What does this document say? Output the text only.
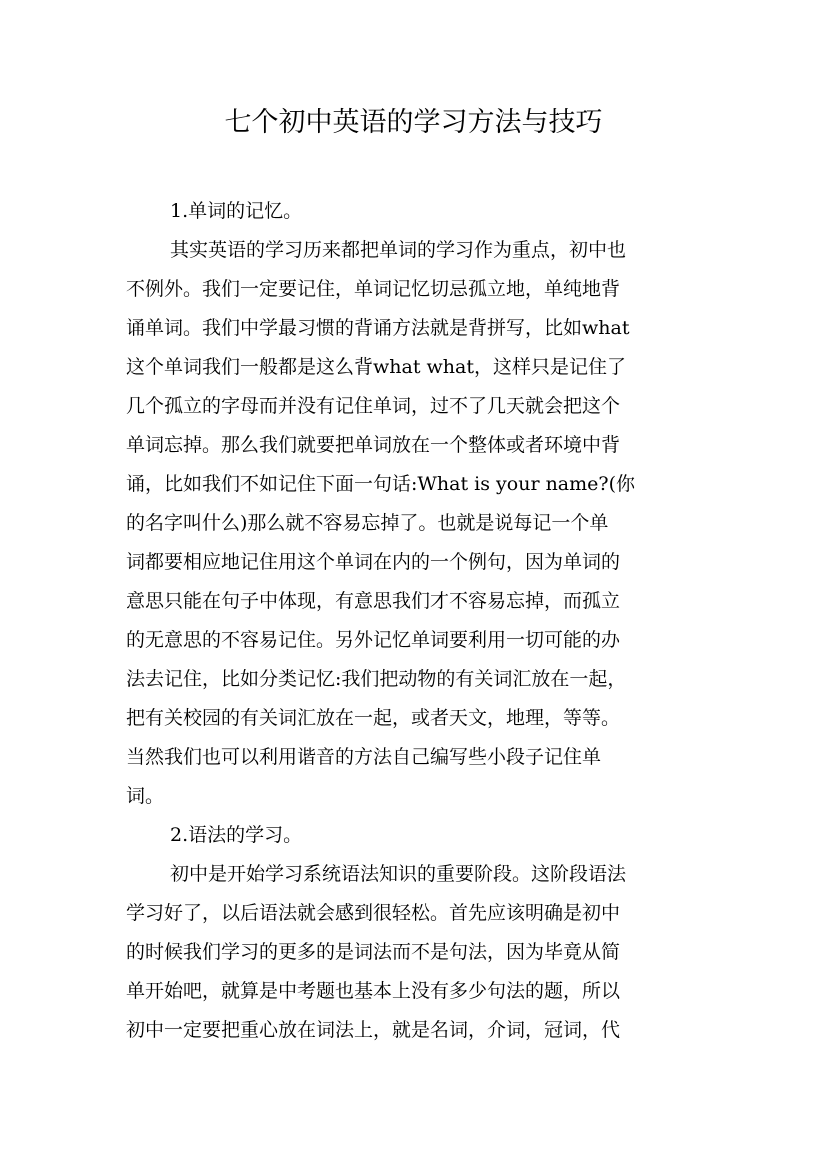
七个初中英语的学习方法与技巧
1.单词的记忆。
其实英语的学习历来都把单词的学习作为重点，初中也
不例外。我们一定要记住，单词记忆切忌孤立地，单纯地背
诵单词。我们中学最习惯的背诵方法就是背拼写，比如what
这个单词我们一般都是这么背what what，这样只是记住了
几个孤立的字母而并没有记住单词，过不了几天就会把这个
单词忘掉。那么我们就要把单词放在一个整体或者环境中背
诵，比如我们不如记住下面一句话:What is your name?(你
的名字叫什么)那么就不容易忘掉了。也就是说每记一个单
词都要相应地记住用这个单词在内的一个例句，因为单词的
意思只能在句子中体现，有意思我们才不容易忘掉，而孤立
的无意思的不容易记住。另外记忆单词要利用一切可能的办
法去记住，比如分类记忆:我们把动物的有关词汇放在一起，
把有关校园的有关词汇放在一起，或者天文，地理，等等。
当然我们也可以利用谐音的方法自己编写些小段子记住单
词。
2.语法的学习。
初中是开始学习系统语法知识的重要阶段。这阶段语法
学习好了，以后语法就会感到很轻松。首先应该明确是初中
的时候我们学习的更多的是词法而不是句法，因为毕竟从简
单开始吧，就算是中考题也基本上没有多少句法的题，所以
初中一定要把重心放在词法上，就是名词，介词，冠词，代
